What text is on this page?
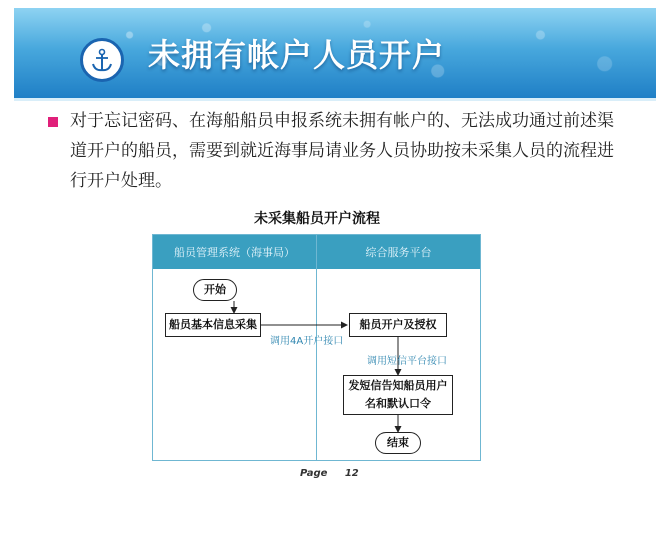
未拥有帐户人员开户
对于忘记密码、在海船船员申报系统未拥有帐户的、无法成功通过前述渠道开户的船员，需要到就近海事局请业务人员协助按未采集人员的流程进行开户处理。
未采集船员开户流程
船员管理系统（海事局）	综合服务平台
开始
船员基本信息采集
调用4A开户接口
船员开户及授权
调用短信平台接口
发短信告知船员用户名和默认口令
结束
Page 12
